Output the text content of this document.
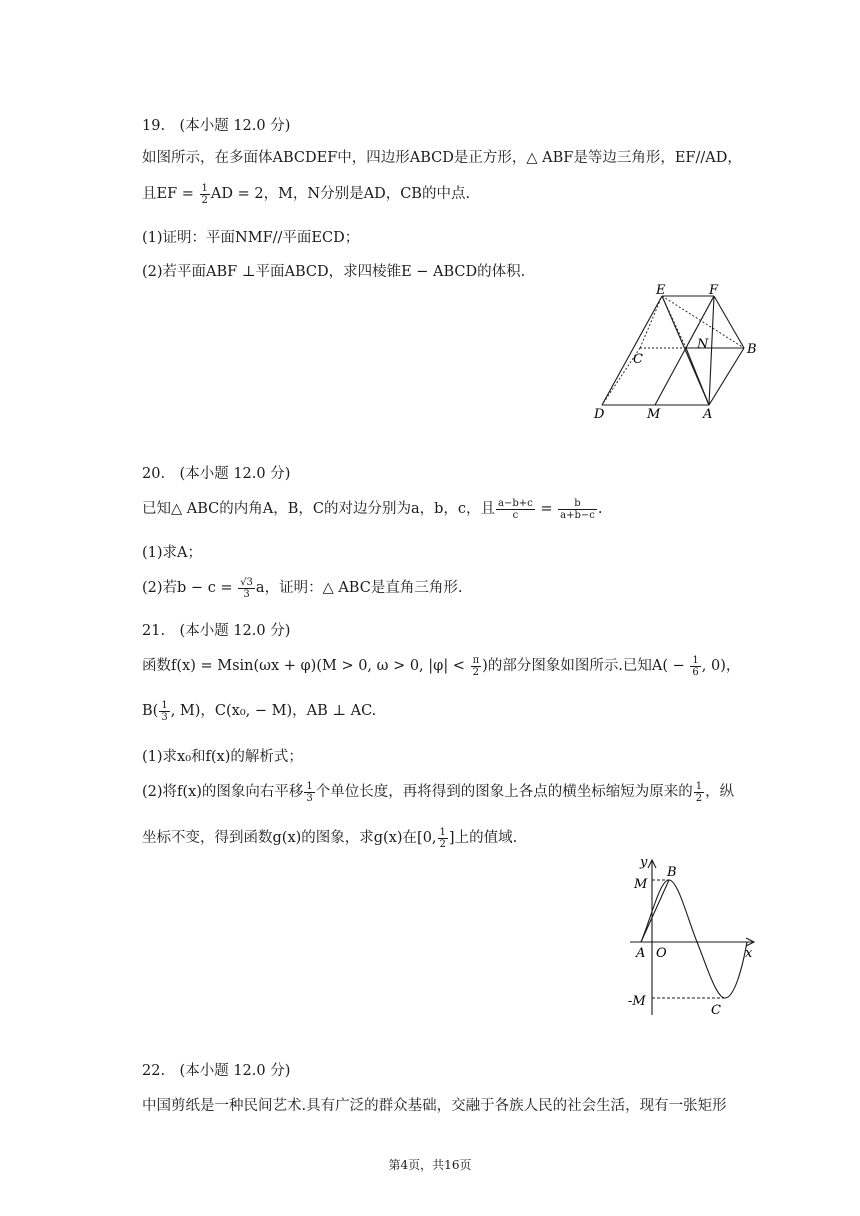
19.　(本小题 12.0 分)
如图所示，在多面体ABCDEF中，四边形ABCD是正方形，△ ABF是等边三角形，EF//AD，
且EF = $\frac{1}{2}$ AD = 2，M，N分别是AD，CB的中点.
(1)证明：平面NMF//平面ECD；
(2)若平面ABF ⊥平面ABCD，求四棱锥E − ABCD的体积.
E	F
N	B
C
D	M	A
20.　(本小题 12.0 分)
已知△ ABC的内角A，B，C的对边分别为a，b，c，且 $\frac{a-b+c}{c} = \frac{b}{a+b-c}$ .
(1)求A；
(2)若$b - c = \frac{√3}{3}$ a，证明：△ ABC是直角三角形.
21.　(本小题 12.0 分)
函数f(x) = Msin(ωx + φ)(M > 0, ω > 0, $|\varphi| < \frac{\pi}{2}$ )的部分图象如图所示.已知$A( - \frac{1}{6}$ , 0)，
$B( \frac{1}{3}$ , M)，C(x₀, − M)，AB ⊥ AC.
(1)求x₀和f(x)的解析式；
(2)将f(x)的图象向右平移 $\frac{1}{3}$ 个单位长度，再将得到的图象上各点的横坐标缩短为原来的 $\frac{1}{2}$ ，纵
坐标不变，得到函数g(x)的图象，求g(x)在[0, $\frac{1}{2}$ ]上的值域.
y
x
M
B
A O
-M
C
22.　(本小题 12.0 分)
中国剪纸是一种民间艺术.具有广泛的群众基础，交融于各族人民的社会生活，现有一张矩形
第4页，共16页
